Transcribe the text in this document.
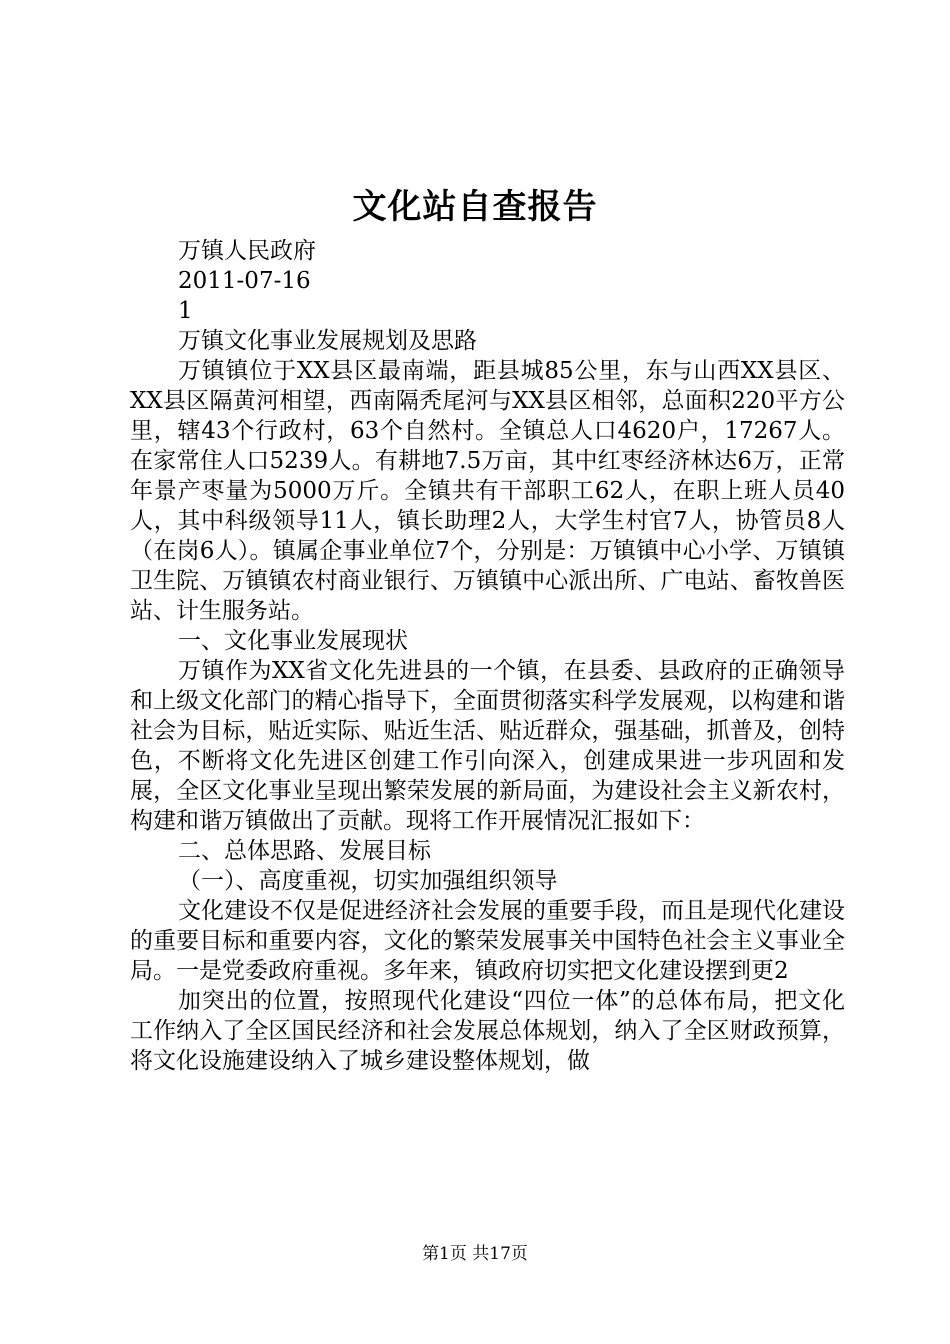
文化站自查报告

万镇人民政府

2011-07-16

1

万镇文化事业发展规划及思路

万镇镇位于XX县区最南端，距县城85公里，东与山西XX县区、XX县区隔黄河相望，西南隔秃尾河与XX县区相邻，总面积220平方公里，辖43个行政村，63个自然村。全镇总人口4620户，17267人。在家常住人口5239人。有耕地7.5万亩，其中红枣经济林达6万，正常年景产枣量为5000万斤。全镇共有干部职工62人，在职上班人员40人，其中科级领导11人，镇长助理2人，大学生村官7人，协管员8人（在岗6人）。镇属企事业单位7个，分别是：万镇镇中心小学、万镇镇卫生院、万镇镇农村商业银行、万镇镇中心派出所、广电站、畜牧兽医站、计生服务站。

一、文化事业发展现状

万镇作为XX省文化先进县的一个镇，在县委、县政府的正确领导和上级文化部门的精心指导下，全面贯彻落实科学发展观，以构建和谐社会为目标，贴近实际、贴近生活、贴近群众，强基础，抓普及，创特色，不断将文化先进区创建工作引向深入，创建成果进一步巩固和发展，全区文化事业呈现出繁荣发展的新局面，为建设社会主义新农村，构建和谐万镇做出了贡献。现将工作开展情况汇报如下：

二、总体思路、发展目标

（一）、高度重视，切实加强组织领导

文化建设不仅是促进经济社会发展的重要手段，而且是现代化建设的重要目标和重要内容，文化的繁荣发展事关中国特色社会主义事业全局。一是党委政府重视。多年来，镇政府切实把文化建设摆到更2

加突出的位置，按照现代化建设“四位一体”的总体布局，把文化工作纳入了全区国民经济和社会发展总体规划，纳入了全区财政预算，将文化设施建设纳入了城乡建设整体规划，做

第1页 共17页
